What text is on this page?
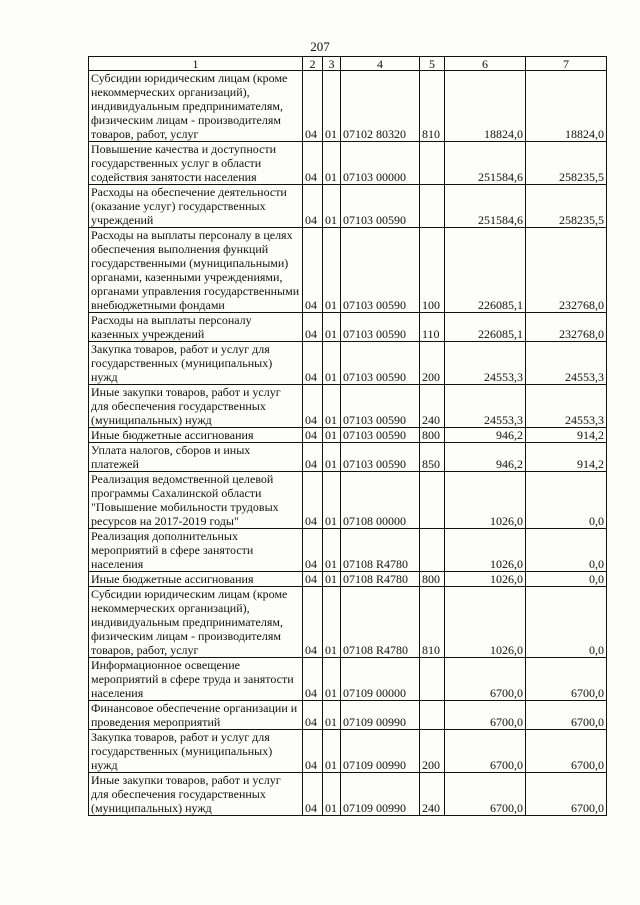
207
1	2	3	4	5	6	7
Субсидии юридическим лицам (кроме некоммерческих организаций), индивидуальным предпринимателям, физическим лицам - производителям товаров, работ, услуг	04	01	07102 80320	810	18824,0	18824,0
Повышение качества и доступности государственных услуг в области содействия занятости населения	04	01	07103 00000		251584,6	258235,5
Расходы на обеспечение деятельности (оказание услуг) государственных учреждений	04	01	07103 00590		251584,6	258235,5
Расходы на выплаты персоналу в целях обеспечения выполнения функций государственными (муниципальными) органами, казенными учреждениями, органами управления государственными внебюджетными фондами	04	01	07103 00590	100	226085,1	232768,0
Расходы на выплаты персоналу казенных учреждений	04	01	07103 00590	110	226085,1	232768,0
Закупка товаров, работ и услуг для государственных (муниципальных) нужд	04	01	07103 00590	200	24553,3	24553,3
Иные закупки товаров, работ и услуг для обеспечения государственных (муниципальных) нужд	04	01	07103 00590	240	24553,3	24553,3
Иные бюджетные ассигнования	04	01	07103 00590	800	946,2	914,2
Уплата налогов, сборов и иных платежей	04	01	07103 00590	850	946,2	914,2
Реализация ведомственной целевой программы Сахалинской области "Повышение мобильности трудовых ресурсов на 2017-2019 годы"	04	01	07108 00000		1026,0	0,0
Реализация дополнительных мероприятий в сфере занятости населения	04	01	07108 R4780		1026,0	0,0
Иные бюджетные ассигнования	04	01	07108 R4780	800	1026,0	0,0
Субсидии юридическим лицам (кроме некоммерческих организаций), индивидуальным предпринимателям, физическим лицам - производителям товаров, работ, услуг	04	01	07108 R4780	810	1026,0	0,0
Информационное освещение мероприятий в сфере труда и занятости населения	04	01	07109 00000		6700,0	6700,0
Финансовое обеспечение организации и проведения мероприятий	04	01	07109 00990		6700,0	6700,0
Закупка товаров, работ и услуг для государственных (муниципальных) нужд	04	01	07109 00990	200	6700,0	6700,0
Иные закупки товаров, работ и услуг для обеспечения государственных (муниципальных) нужд	04	01	07109 00990	240	6700,0	6700,0
